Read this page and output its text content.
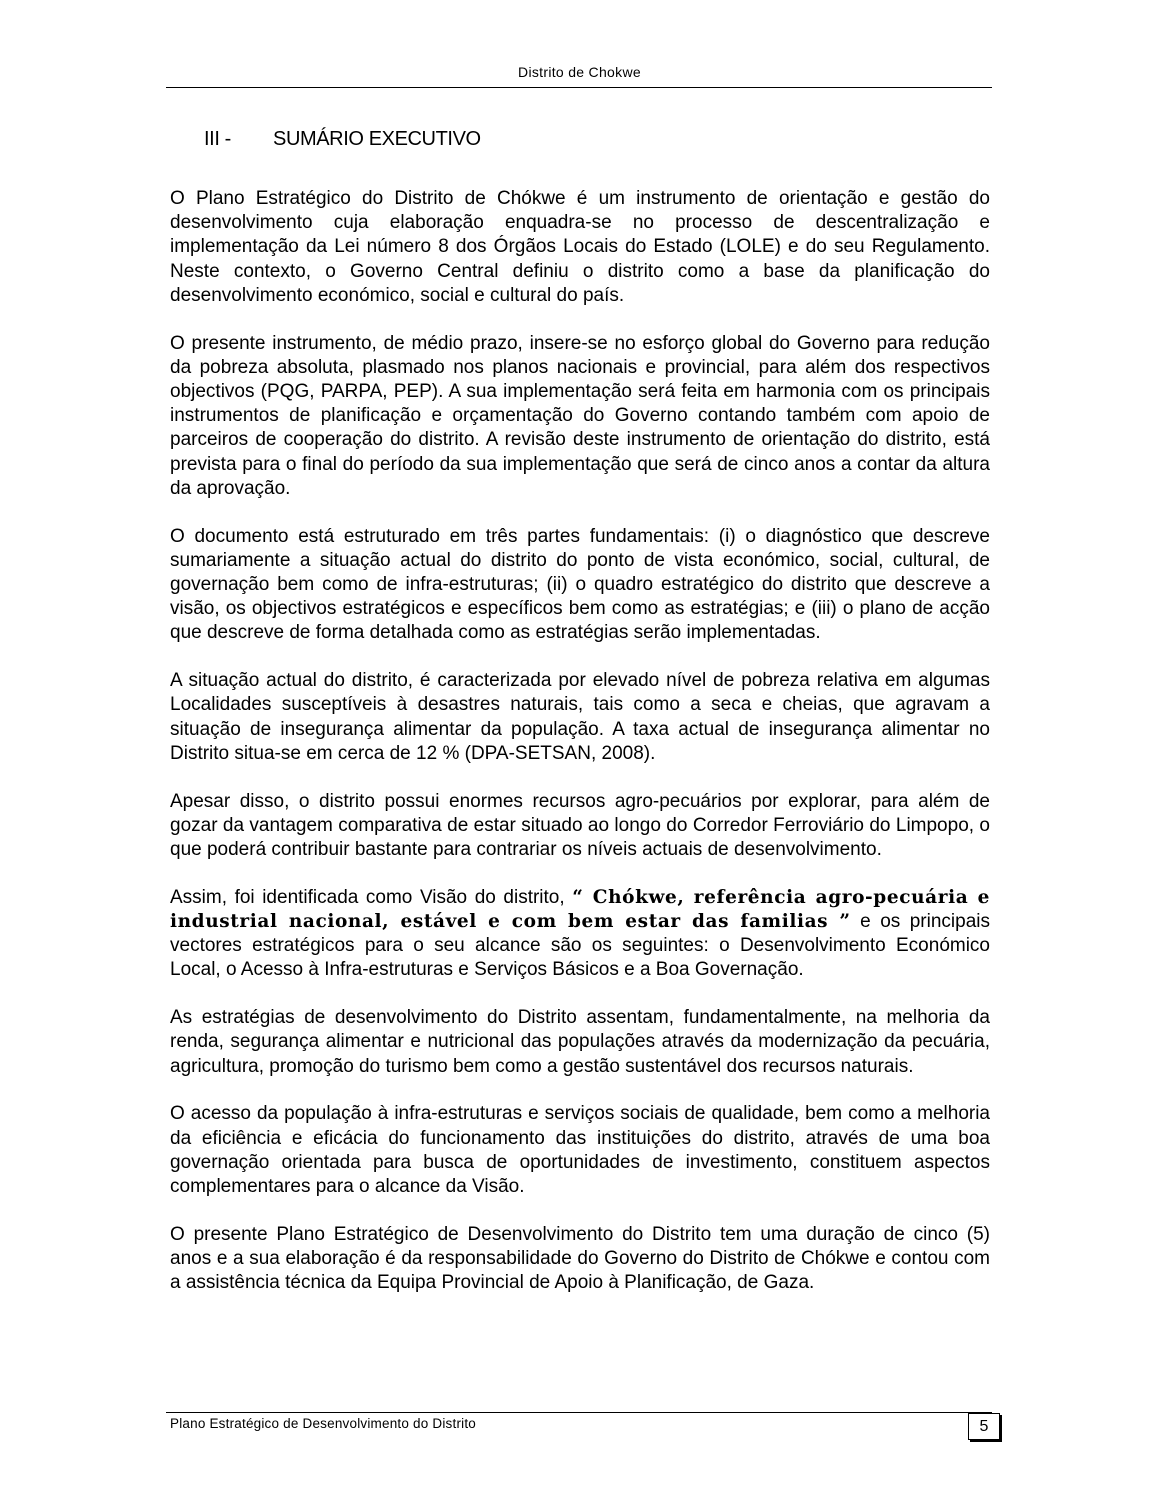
Distrito de Chokwe
III - SUMÁRIO EXECUTIVO

O Plano Estratégico do Distrito de Chókwe é um instrumento de orientação e gestão do desenvolvimento cuja elaboração enquadra-se no processo de descentralização e implementação da Lei número 8 dos Órgãos Locais do Estado (LOLE) e do seu Regulamento. Neste contexto, o Governo Central definiu o distrito como a base da planificação do desenvolvimento económico, social e cultural do país.

O presente instrumento, de médio prazo, insere-se no esforço global do Governo para redução da pobreza absoluta, plasmado nos planos nacionais e provincial, para além dos respectivos objectivos (PQG, PARPA, PEP). A sua implementação será feita em harmonia com os principais instrumentos de planificação e orçamentação do Governo contando também com apoio de parceiros de cooperação do distrito. A revisão deste instrumento de orientação do distrito, está prevista para o final do período da sua implementação que será de cinco anos a contar da altura da aprovação.

O documento está estruturado em três partes fundamentais: (i) o diagnóstico que descreve sumariamente a situação actual do distrito do ponto de vista económico, social, cultural, de governação bem como de infra-estruturas; (ii) o quadro estratégico do distrito que descreve a visão, os objectivos estratégicos e específicos bem como as estratégias; e (iii) o plano de acção que descreve de forma detalhada como as estratégias serão implementadas.

A situação actual do distrito, é caracterizada por elevado nível de pobreza relativa em algumas Localidades susceptíveis à desastres naturais, tais como a seca e cheias, que agravam a situação de insegurança alimentar da população. A taxa actual de insegurança alimentar no Distrito situa-se em cerca de 12 % (DPA-SETSAN, 2008).

Apesar disso, o distrito possui enormes recursos agro-pecuários por explorar, para além de gozar da vantagem comparativa de estar situado ao longo do Corredor Ferroviário do Limpopo, o que poderá contribuir bastante para contrariar os níveis actuais de desenvolvimento.

Assim, foi identificada como Visão do distrito, “ Chókwe, referência agro-pecuária e industrial nacional, estável e com bem estar das familias ” e os principais vectores estratégicos para o seu alcance são os seguintes: o Desenvolvimento Económico Local, o Acesso à Infra-estruturas e Serviços Básicos e a Boa Governação.

As estratégias de desenvolvimento do Distrito assentam, fundamentalmente, na melhoria da renda, segurança alimentar e nutricional das populações através da modernização da pecuária, agricultura, promoção do turismo bem como a gestão sustentável dos recursos naturais.

O acesso da população à infra-estruturas e serviços sociais de qualidade, bem como a melhoria da eficiência e eficácia do funcionamento das instituições do distrito, através de uma boa governação orientada para busca de oportunidades de investimento, constituem aspectos complementares para o alcance da Visão.

O presente Plano Estratégico de Desenvolvimento do Distrito tem uma duração de cinco (5) anos e a sua elaboração é da responsabilidade do Governo do Distrito de Chókwe e contou com a assistência técnica da Equipa Provincial de Apoio à Planificação, de Gaza.

Plano Estratégico de Desenvolvimento do Distrito	5
